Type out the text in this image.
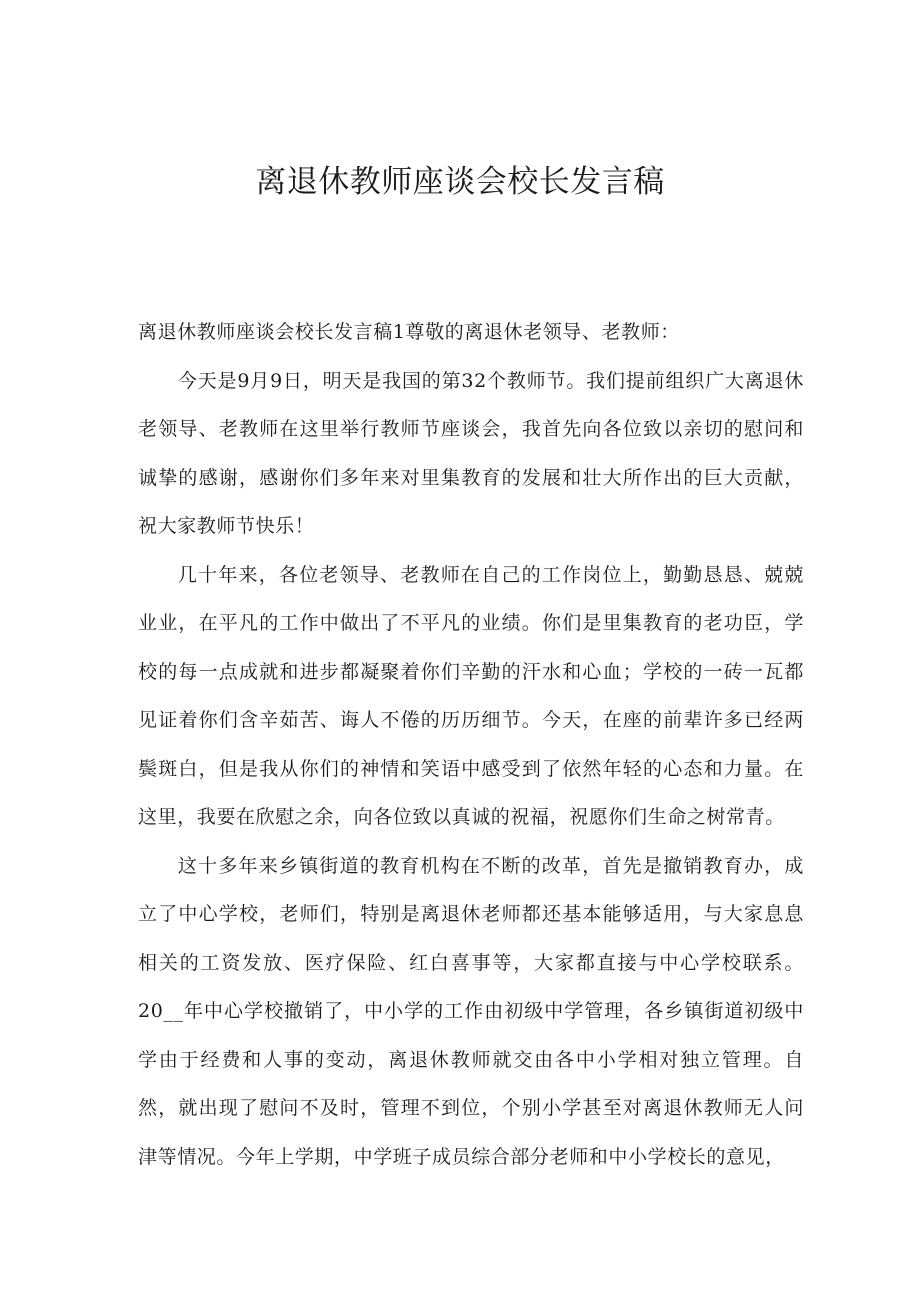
离退休教师座谈会校长发言稿

离退休教师座谈会校长发言稿1尊敬的离退休老领导、老教师：

今天是9月9日，明天是我国的第32个教师节。我们提前组织广大离退休老领导、老教师在这里举行教师节座谈会，我首先向各位致以亲切的慰问和诚挚的感谢，感谢你们多年来对里集教育的发展和壮大所作出的巨大贡献，祝大家教师节快乐！

几十年来，各位老领导、老教师在自己的工作岗位上，勤勤恳恳、兢兢业业，在平凡的工作中做出了不平凡的业绩。你们是里集教育的老功臣，学校的每一点成就和进步都凝聚着你们辛勤的汗水和心血；学校的一砖一瓦都见证着你们含辛茹苦、诲人不倦的历历细节。今天，在座的前辈许多已经两鬓斑白，但是我从你们的神情和笑语中感受到了依然年轻的心态和力量。在这里，我要在欣慰之余，向各位致以真诚的祝福，祝愿你们生命之树常青。

这十多年来乡镇街道的教育机构在不断的改革，首先是撤销教育办，成立了中心学校，老师们，特别是离退休老师都还基本能够适用，与大家息息相关的工资发放、医疗保险、红白喜事等，大家都直接与中心学校联系。20__年中心学校撤销了，中小学的工作由初级中学管理，各乡镇街道初级中学由于经费和人事的变动，离退休教师就交由各中小学相对独立管理。自然，就出现了慰问不及时，管理不到位，个别小学甚至对离退休教师无人问津等情况。今年上学期，中学班子成员综合部分老师和中小学校长的意见，
